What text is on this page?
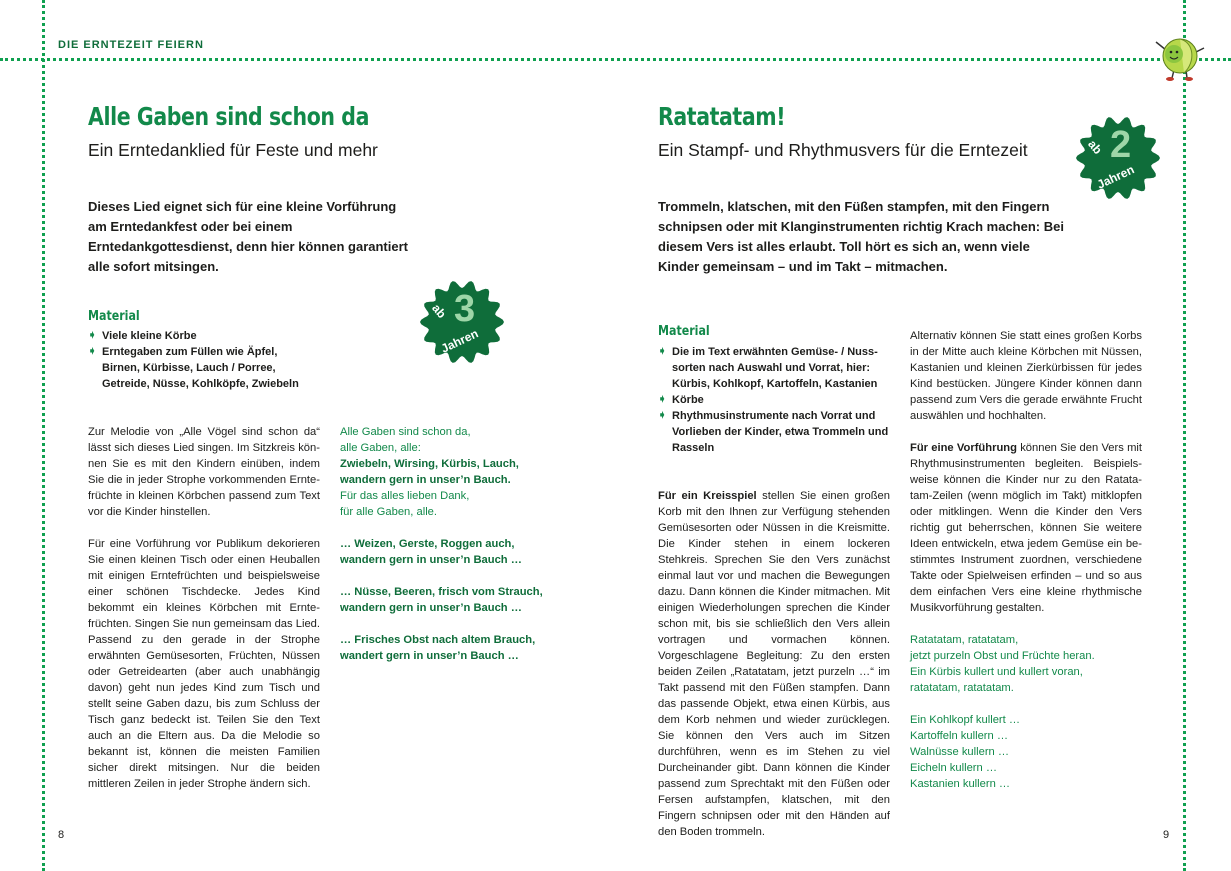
DIE ERNTEZEIT FEIERN
Alle Gaben sind schon da
Ein Erntedanklied für Feste und mehr
Dieses Lied eignet sich für eine kleine Vorführung am Erntedankfest oder bei einem Erntedankgottesdienst, denn hier können garantiert alle sofort mitsingen.
ab 3
Jahren
Material
➧ Viele kleine Körbe
➧ Erntegaben zum Füllen wie Äpfel, Birnen, Kürbisse, Lauch / Porree, Getreide, Nüsse, Kohlköpfe, Zwiebeln

Zur Melodie von „Alle Vögel sind schon da“ lässt sich dieses Lied singen. Im Sitzkreis können Sie es mit den Kindern einüben, indem Sie die in jeder Strophe vorkommenden Erntefrüchte in kleinen Körbchen passend zum Text vor die Kinder hinstellen.

Für eine Vorführung vor Publikum dekorieren Sie einen kleinen Tisch oder einen Heuballen mit einigen Erntefrüchten und beispielsweise einer schönen Tischdecke. Jedes Kind bekommt ein kleines Körbchen mit Erntefrüchten. Singen Sie nun gemeinsam das Lied. Passend zu den gerade in der Strophe erwähnten Gemüsesorten, Früchten, Nüssen oder Getreidearten (aber auch unabhängig davon) geht nun jedes Kind zum Tisch und stellt seine Gaben dazu, bis zum Schluss der Tisch ganz bedeckt ist. Teilen Sie den Text auch an die Eltern aus. Da die Melodie so bekannt ist, können die meisten Familien sicher direkt mitsingen. Nur die beiden mittleren Zeilen in jeder Strophe ändern sich.

Alle Gaben sind schon da,
alle Gaben, alle:
Zwiebeln, Wirsing, Kürbis, Lauch,
wandern gern in unser’n Bauch.
Für das alles lieben Dank,
für alle Gaben, alle.
… Weizen, Gerste, Roggen auch,
wandern gern in unser’n Bauch …
… Nüsse, Beeren, frisch vom Strauch,
wandern gern in unser’n Bauch …
… Frisches Obst nach altem Brauch,
wandert gern in unser’n Bauch …
8
Ratatatam!
Ein Stampf- und Rhythmusvers für die Erntezeit
Trommeln, klatschen, mit den Füßen stampfen, mit den Fingern schnipsen oder mit Klanginstrumenten richtig Krach machen: Bei diesem Vers ist alles erlaubt. Toll hört es sich an, wenn viele Kinder gemeinsam – und im Takt – mitmachen.
ab 2
Jahren
Material
➧ Die im Text erwähnten Gemüse- / Nusssorten nach Auswahl und Vorrat, hier: Kürbis, Kohlkopf, Kartoffeln, Kastanien
➧ Körbe
➧ Rhythmusinstrumente nach Vorrat und Vorlieben der Kinder, etwa Trommeln und Rasseln

Für ein Kreisspiel stellen Sie einen großen Korb mit den Ihnen zur Verfügung stehenden Gemüsesorten oder Nüssen in die Kreismitte. Die Kinder stehen in einem lockeren Stehkreis. Sprechen Sie den Vers zunächst einmal laut vor und machen die Bewegungen dazu. Dann können die Kinder mitmachen. Mit einigen Wiederholungen sprechen die Kinder schon mit, bis sie schließlich den Vers allein vortragen und vormachen können. Vorgeschlagene Begleitung: Zu den ersten beiden Zeilen „Ratatatam, jetzt purzeln …“ im Takt passend mit den Füßen stampfen. Dann das passende Objekt, etwa einen Kürbis, aus dem Korb nehmen und wieder zurücklegen. Sie können den Vers auch im Sitzen durchführen, wenn es im Stehen zu viel Durcheinander gibt. Dann können die Kinder passend zum Sprechtakt mit den Füßen oder Fersen aufstampfen, klatschen, mit den Fingern schnipsen oder mit den Händen auf den Boden trommeln.

Alternativ können Sie statt eines großen Korbs in der Mitte auch kleine Körbchen mit Nüssen, Kastanien und kleinen Zierkürbissen für jedes Kind bestücken. Jüngere Kinder können dann passend zum Vers die gerade erwähnte Frucht auswählen und hochhalten.

Für eine Vorführung können Sie den Vers mit Rhythmusinstrumenten begleiten. Beispielsweise können die Kinder nur zu den Ratatatam-Zeilen (wenn möglich im Takt) mitklopfen oder mitklingen. Wenn die Kinder den Vers richtig gut beherrschen, können Sie weitere Ideen entwickeln, etwa jedem Gemüse ein bestimmtes Instrument zuordnen, verschiedene Takte oder Spielweisen erfinden – und so aus dem einfachen Vers eine kleine rhythmische Musikvorführung gestalten.

Ratatatam, ratatatam,
jetzt purzeln Obst und Früchte heran.
Ein Kürbis kullert und kullert voran,
ratatatam, ratatatam.
Ein Kohlkopf kullert …
Kartoffeln kullern …
Walnüsse kullern …
Eicheln kullern …
Kastanien kullern …
9
